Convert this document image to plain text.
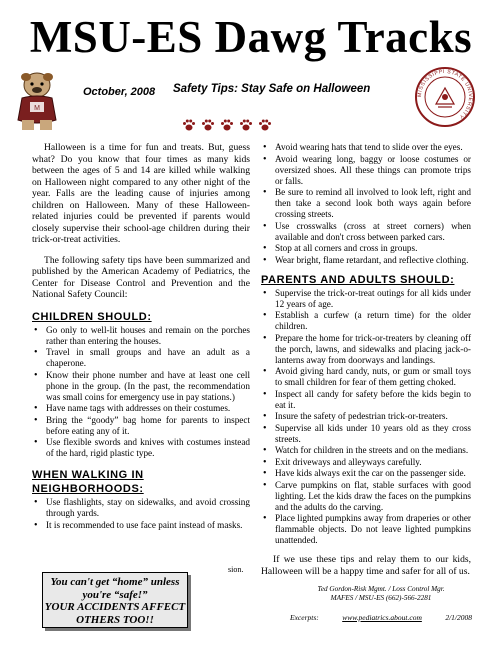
MSU-ES Dawg Tracks
M
October, 2008 Safety Tips: Stay Safe on Halloween	MISSISSIPPI STATE UNIVERSITY

Halloween is a time for fun and treats. But, guess what? Do you know that four times as many kids between the ages of 5 and 14 are killed while walking on Halloween night compared to any other night of the year. Falls are the leading cause of injuries among children on Halloween. Many of these Halloween-related injuries could be prevented if parents would closely supervise their school-age children during their trick-or-treat activities.

The following safety tips have been summarized and published by the American Academy of Pediatrics, the Center for Disease Control and Prevention and the National Safety Council:

CHILDREN SHOULD:
• Go only to well-lit houses and remain on the porches rather than entering the houses.
• Travel in small groups and have an adult as a chaperone.
• Know their phone number and have at least one cell phone in the group. (In the past, the recommendation was small coins for emergency use in pay stations.)
• Have name tags with addresses on their costumes.
• Bring the “goody” bag home for parents to inspect before eating any of it.
• Use flexible swords and knives with costumes instead of the hard, rigid plastic type.
WHEN WALKING IN NEIGHBORHOODS:
• Use flashlights, stay on sidewalks, and avoid crossing through yards.
• It is recommended to use face paint instead of masks.
sion.
You can't get “home” unless
you're “safe!”
YOUR ACCIDENTS AFFECT
OTHERS TOO!!
• Avoid wearing hats that tend to slide over the eyes.
• Avoid wearing long, baggy or loose costumes or oversized shoes. All these things can promote trips or falls.
• Be sure to remind all involved to look left, right and then take a second look both ways again before crossing streets.
• Use crosswalks (cross at street corners) when available and don't cross between parked cars.
• Stop at all corners and cross in groups.
• Wear bright, flame retardant, and reflective clothing.
PARENTS AND ADULTS SHOULD:
• Supervise the trick-or-treat outings for all kids under 12 years of age.
• Establish a curfew (a return time) for the older children.
• Prepare the home for trick-or-treaters by cleaning off the porch, lawns, and sidewalks and placing jack-o-lanterns away from doorways and landings.
• Avoid giving hard candy, nuts, or gum or small toys to small children for fear of them getting choked.
• Inspect all candy for safety before the kids begin to eat it.
• Insure the safety of pedestrian trick-or-treaters.
• Supervise all kids under 10 years old as they cross streets.
• Watch for children in the streets and on the medians.
• Exit driveways and alleyways carefully.
• Have kids always exit the car on the passenger side.
• Carve pumpkins on flat, stable surfaces with good lighting. Let the kids draw the faces on the pumpkins and the adults do the carving.
• Place lighted pumpkins away from draperies or other flammable objects. Do not leave lighted pumpkins unattended.

If we use these tips and relay them to our kids, Halloween will be a happy time and safer for all of us.

Ted Gordon-Risk Mgmt. / Loss Control Mgr.
MAFES / MSU-ES (662)-566-2281
Excerpts:	www.pediatrics.about.com	2/1/2008
